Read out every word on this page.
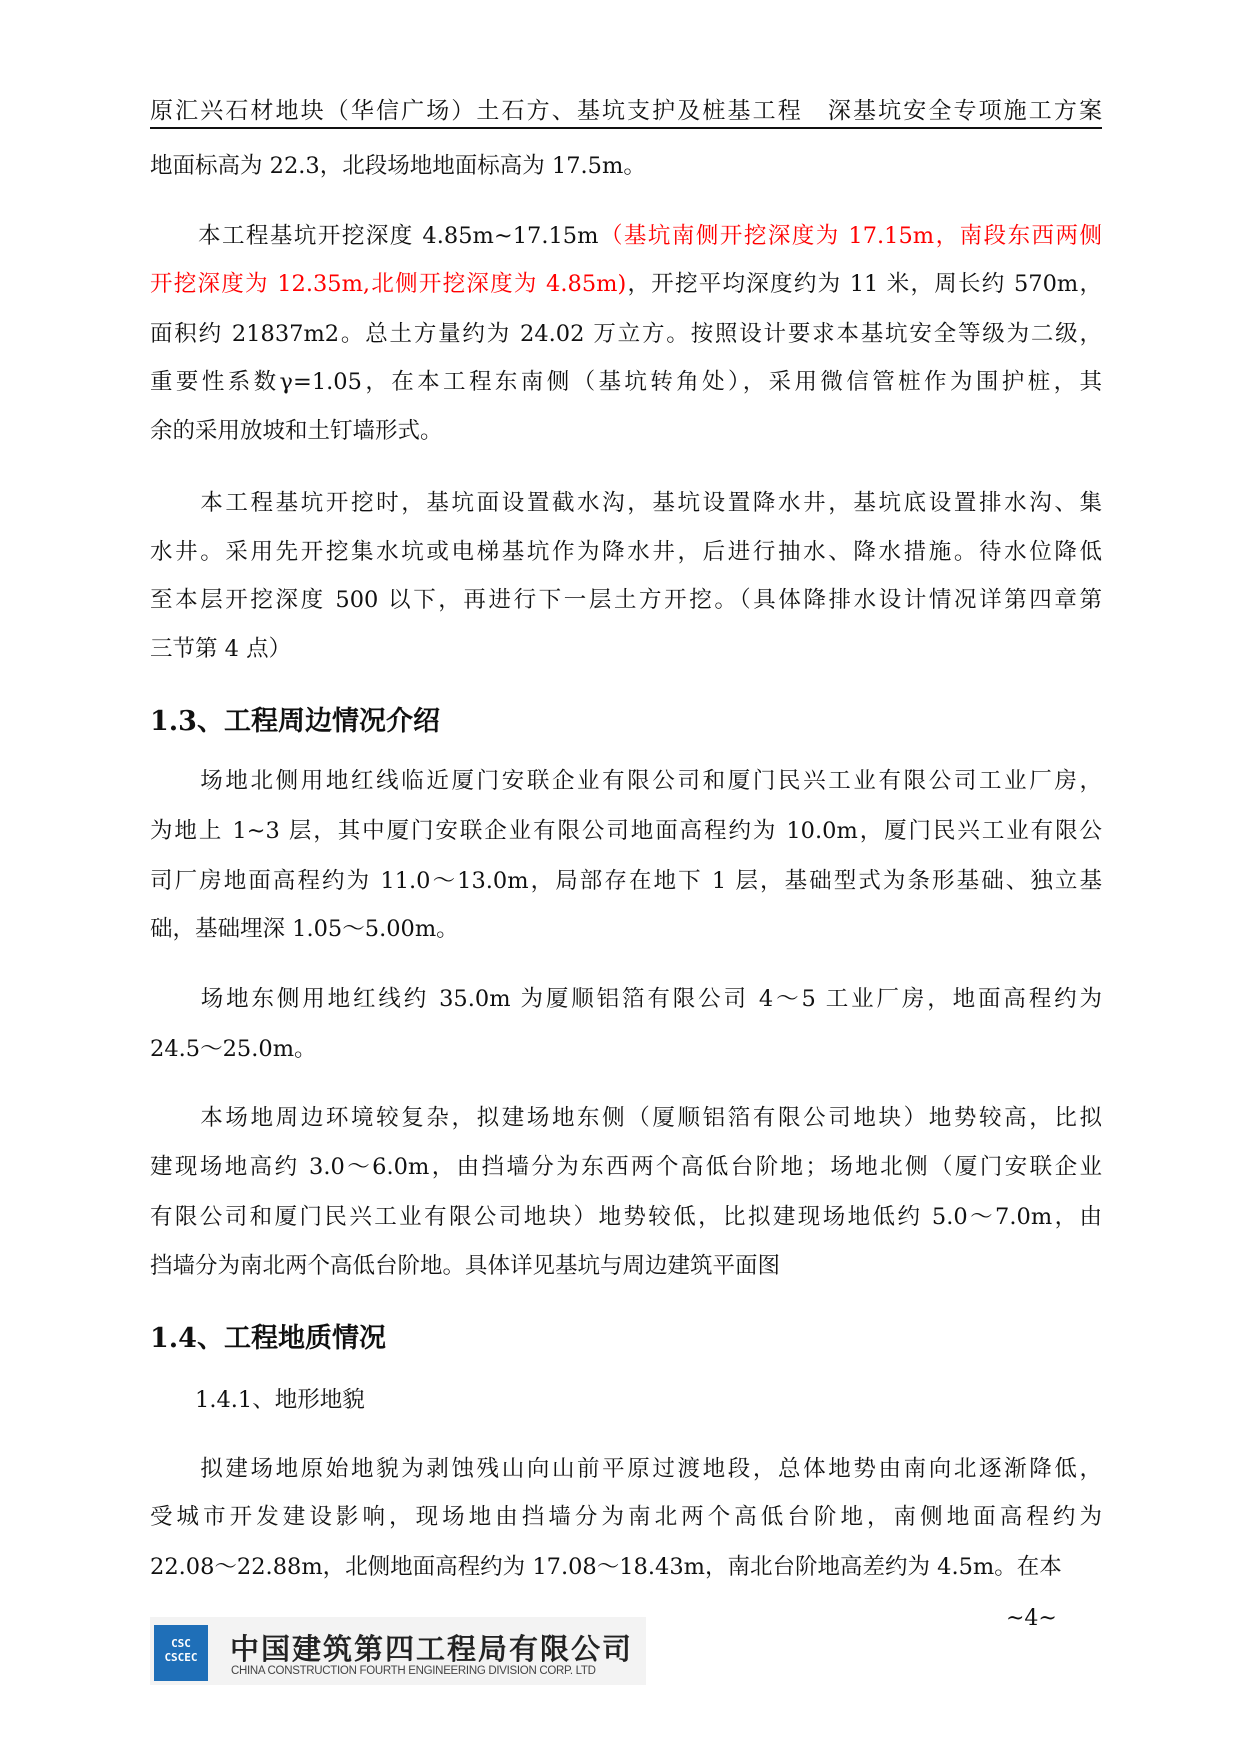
原汇兴石材地块（华信广场）土石方、基坑支护及桩基工程　深基坑安全专项施工方案
地面标高为 22.3，北段场地地面标高为 17.5m。
　　本工程基坑开挖深度 4.85m~17.15m（基坑南侧开挖深度为 17.15m，南段东西两侧
开挖深度为 12.35m,北侧开挖深度为 4.85m)，开挖平均深度约为 11 米，周长约 570m，
面积约 21837m2。总土方量约为 24.02 万立方。按照设计要求本基坑安全等级为二级，
重要性系数γ=1.05，在本工程东南侧（基坑转角处），采用微信管桩作为围护桩，其
余的采用放坡和土钉墙形式。
　　本工程基坑开挖时，基坑面设置截水沟，基坑设置降水井，基坑底设置排水沟、集
水井。采用先开挖集水坑或电梯基坑作为降水井，后进行抽水、降水措施。待水位降低
至本层开挖深度 500 以下，再进行下一层土方开挖。（具体降排水设计情况详第四章第
三节第 4 点）
　　场地北侧用地红线临近厦门安联企业有限公司和厦门民兴工业有限公司工业厂房，
为地上 1~3 层，其中厦门安联企业有限公司地面高程约为 10.0m，厦门民兴工业有限公
司厂房地面高程约为 11.0～13.0m，局部存在地下 1 层，基础型式为条形基础、独立基
础，基础埋深 1.05～5.00m。
　　场地东侧用地红线约 35.0m 为厦顺铝箔有限公司 4～5 工业厂房，地面高程约为
24.5～25.0m。
　　本场地周边环境较复杂，拟建场地东侧（厦顺铝箔有限公司地块）地势较高，比拟
建现场地高约 3.0～6.0m，由挡墙分为东西两个高低台阶地；场地北侧（厦门安联企业
有限公司和厦门民兴工业有限公司地块）地势较低，比拟建现场地低约 5.0～7.0m，由
挡墙分为南北两个高低台阶地。具体详见基坑与周边建筑平面图
　　1.4.1、地形地貌
　　拟建场地原始地貌为剥蚀残山向山前平原过渡地段，总体地势由南向北逐渐降低，
受城市开发建设影响，现场地由挡墙分为南北两个高低台阶地，南侧地面高程约为
22.08～22.88m，北侧地面高程约为 17.08～18.43m，南北台阶地高差约为 4.5m。在本
1.3、工程周边情况介绍
1.4、工程地质情况
~4~
CSC
CSCEC	中国建筑第四工程局有限公司
CHINA CONSTRUCTION FOURTH ENGINEERING DIVISION CORP. LTD
